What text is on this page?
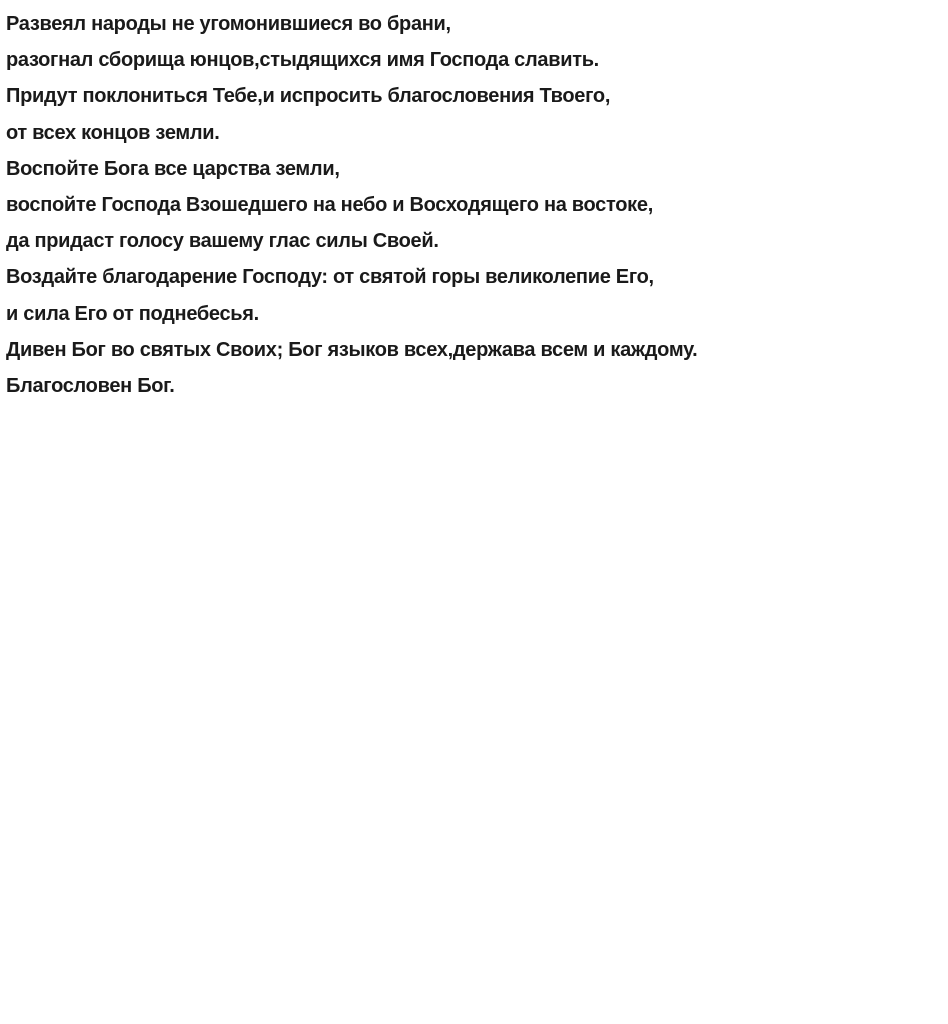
Развеял народы не угомонившиеся во брани,
разогнал сборища юнцов,стыдящихся имя Господа славить.
Придут поклониться Тебе,и испросить благословения Твоего,
от всех концов земли.
Воспойте Бога все царства земли,
воспойте Господа Взошедшего на небо и Восходящего на востоке,
да придаст голосу вашему глас силы Своей.
Воздайте благодарение Господу: от святой горы великолепие Его,
и сила Его от поднебесья.
Дивен Бог во святых Своих; Бог языков всех,держава всем и каждому.
Благословен Бог.
